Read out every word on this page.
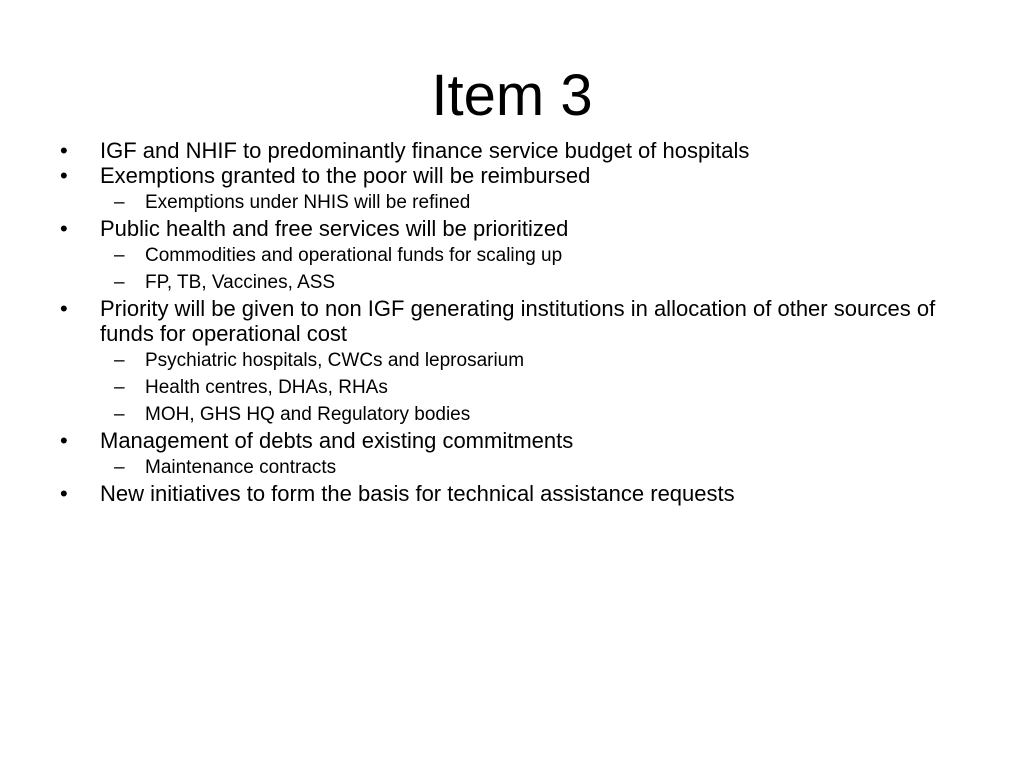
Item 3
• IGF and NHIF to predominantly finance service budget of hospitals
• Exemptions granted to the poor will be reimbursed
– Exemptions under NHIS will be refined
• Public health and free services will be prioritized
– Commodities and operational funds for scaling up
– FP, TB, Vaccines, ASS
• Priority will be given to non IGF generating institutions in allocation of other sources of funds for operational cost
– Psychiatric hospitals, CWCs and leprosarium
– Health centres, DHAs, RHAs
– MOH, GHS HQ and Regulatory bodies
• Management of debts and existing commitments
– Maintenance contracts
• New initiatives to form the basis for technical assistance requests
